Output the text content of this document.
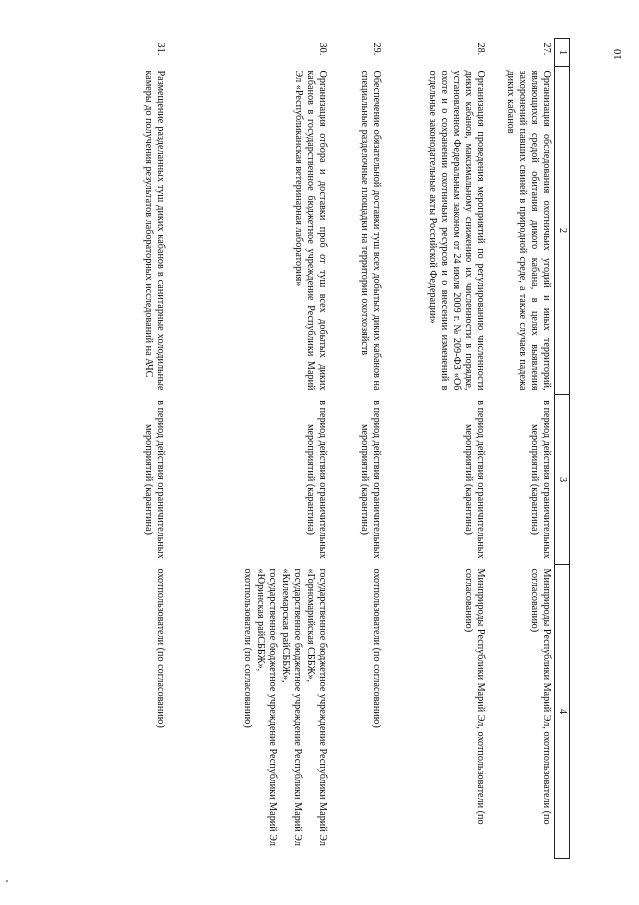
10
1	2	3	4
27.	Организация обследования охотничьих угодий и иных территорий, являющихся средой обитания дикого кабана, в целях выявления захоронений павших свиней в природной среде, а также случаев падежа диких кабанов	в период действия ограничительных мероприятий (карантина)	Минприроды Республики Марий Эл, охотпользователи (по согласованию)

28.	Организация проведения мероприятий по регулированию численности диких кабанов, максимальному снижению их численности в порядке, установленном Федеральным законом от 24 июля 2009 г. № 209-ФЗ «Об охоте и о сохранении охотничьих ресурсов и о внесении изменений в отдельные законодательные акты Российской Федерации»	в период действия ограничительных мероприятий (карантина)	Минприроды Республики Марий Эл, охотпользователи (по согласованию)

29.	Обеспечение обязательной доставки туш всех добытых диких кабанов на специальные разделочные площадки на территории охотхозяйств	в период действия ограничительных мероприятий (карантина)	охотпользователи (по согласованию)

30.	Организация отбора и доставки проб от туш всех добытых диких кабанов в государственное бюджетное учреждение Республики Марий Эл «Республиканская ветеринарная лаборатория»	в период действия ограничительных мероприятий (карантина)	государственное бюджетное учреждение Республики Марий Эл «Горномарийская СББЖ»,
государственное бюджетное учреждение Республики Марий Эл «Килемарская райСББЖ»,
государственное бюджетное учреждение Республики Марий Эл «Юринская райСББЖ»,
охотпользователи (по согласованию)

31.	Размещение разделанных туш диких кабанов в санитарные холодильные камеры до получения результатов лабораторных исследований на АЧС	в период действия ограничительных мероприятий (карантина)	охотпользователи (по согласованию)
